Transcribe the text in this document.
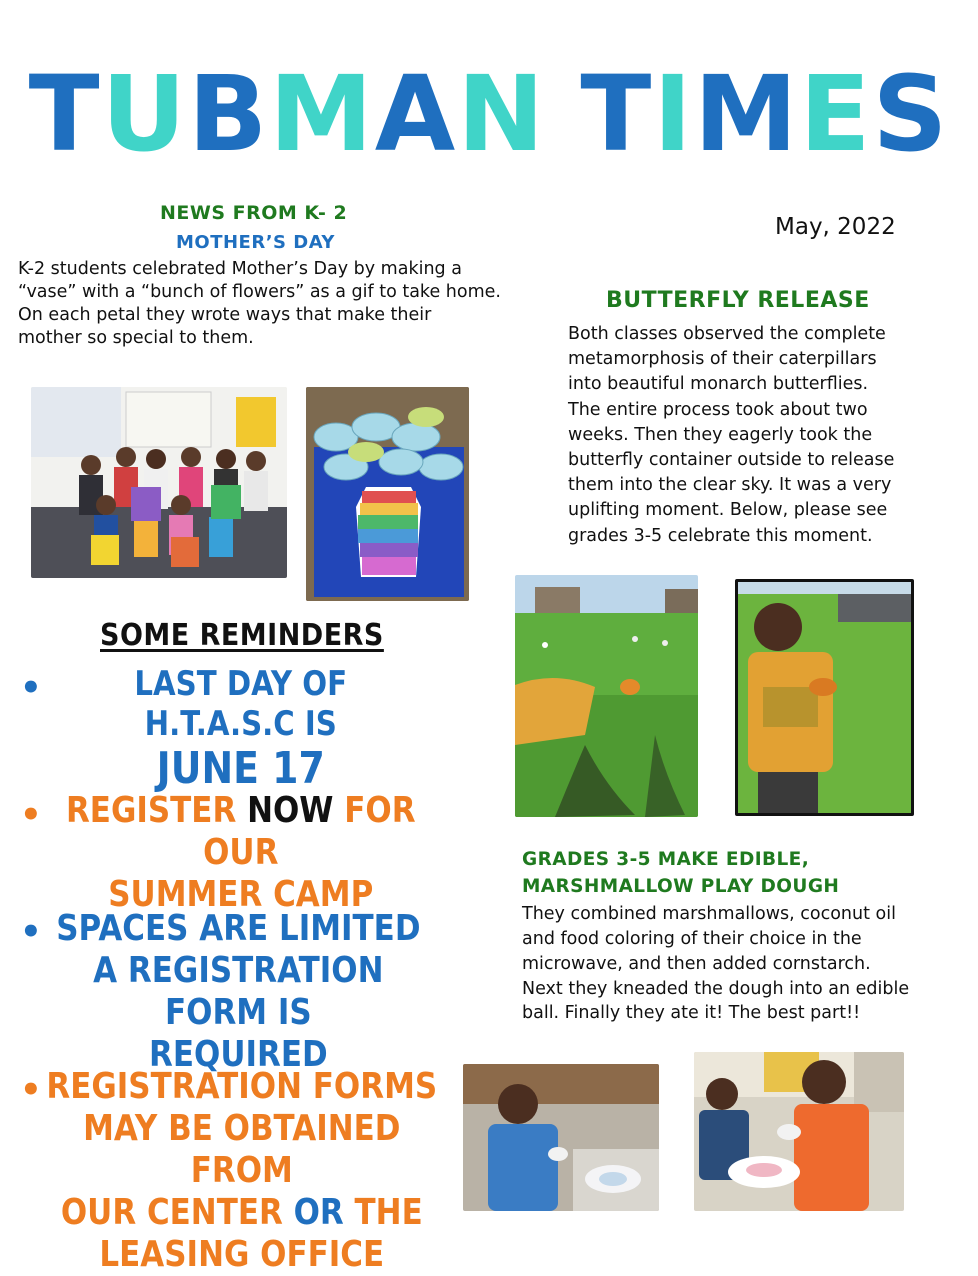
TUBMAN TIMES
May, 2022
NEWS FROM K- 2
MOTHER’S DAY
K-2 students celebrated Mother’s Day by making a
“vase” with a “bunch of flowers” as a gif to take home.
On each petal they wrote ways that make their
mother so special to them.
BUTTERFLY RELEASE
Both classes observed the complete
metamorphosis of their caterpillars
into beautiful monarch butterflies.
The entire process took about two
weeks. Then they eagerly took the
butterfly container outside to release
them into the clear sky. It was a very
uplifting moment. Below, please see
grades 3-5 celebrate this moment.
GRADES 3-5 MAKE EDIBLE,
MARSHMALLOW PLAY DOUGH
They combined marshmallows, coconut oil
and food coloring of their choice in the
microwave, and then added cornstarch.
Next they kneaded the dough into an edible
ball. Finally they ate it! The best part!!
SOME REMINDERS
•	LAST DAY OF H.T.A.S.C IS
JUNE 17
• REGISTER NOW FOR OUR
SUMMER CAMP
• SPACES ARE LIMITED
A REGISTRATION FORM IS
REQUIRED
• REGISTRATION FORMS
MAY BE OBTAINED FROM
OUR CENTER OR THE
LEASING OFFICE
